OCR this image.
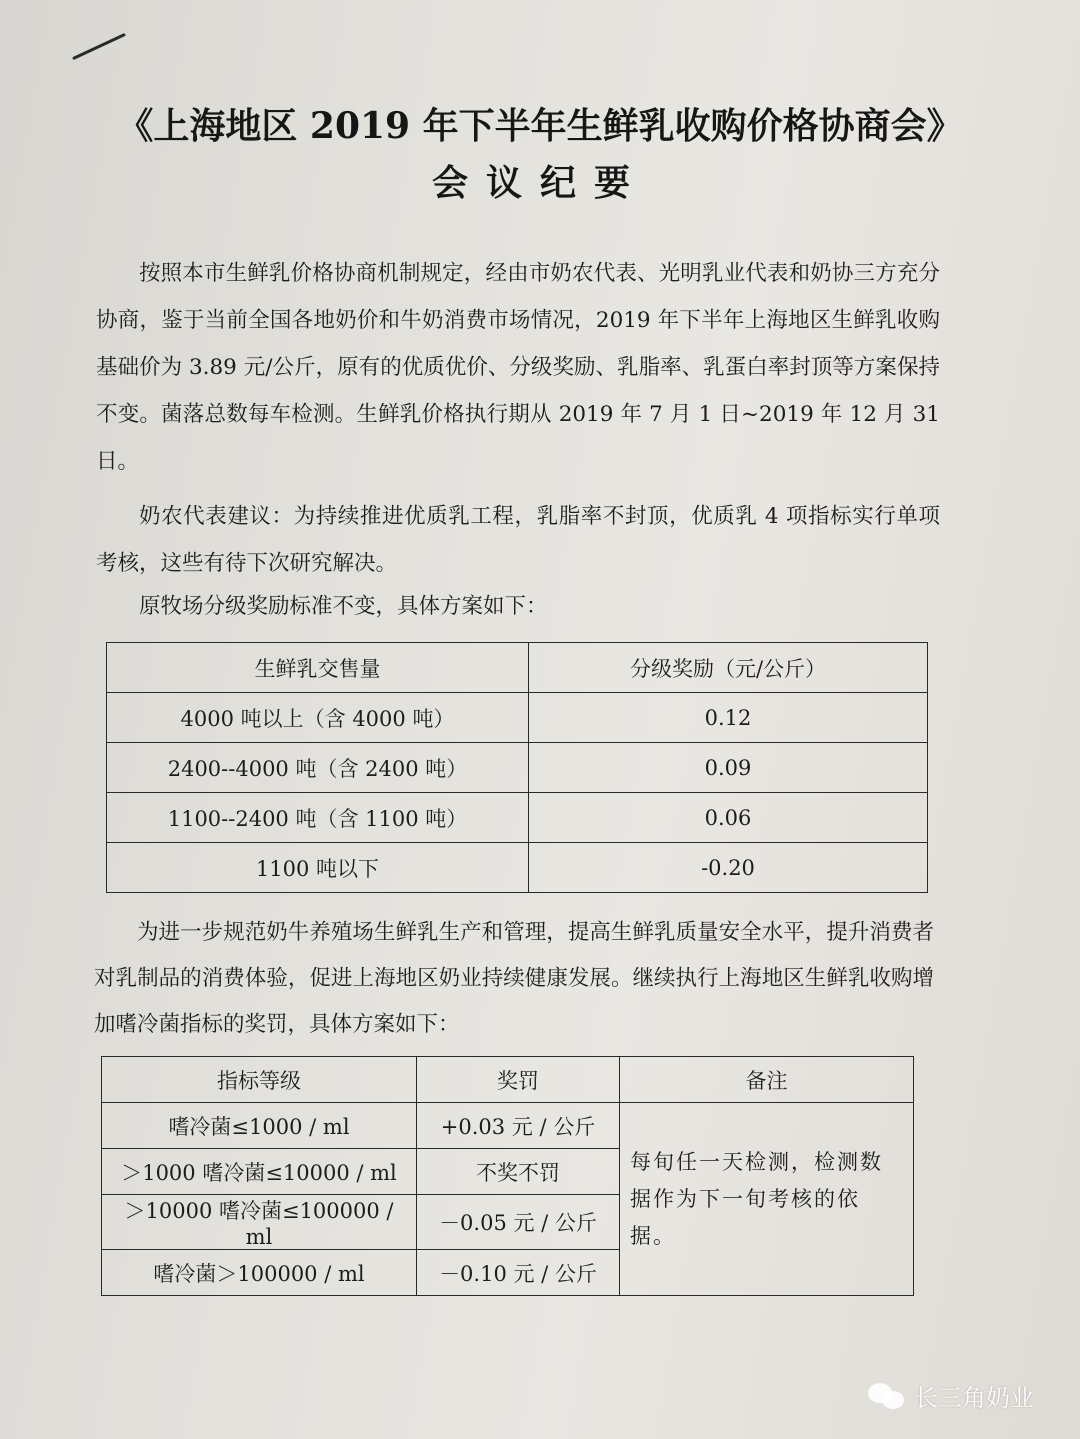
《上海地区 2019 年下半年生鲜乳收购价格协商会》
会议纪要

按照本市生鲜乳价格协商机制规定，经由市奶农代表、光明乳业代表和奶协三方充分协商，鉴于当前全国各地奶价和牛奶消费市场情况，2019 年下半年上海地区生鲜乳收购基础价为 3.89 元/公斤，原有的优质优价、分级奖励、乳脂率、乳蛋白率封顶等方案保持不变。菌落总数每车检测。生鲜乳价格执行期从 2019 年 7 月 1 日~2019 年 12 月 31 日。

奶农代表建议：为持续推进优质乳工程，乳脂率不封顶，优质乳 4 项指标实行单项考核，这些有待下次研究解决。

原牧场分级奖励标准不变，具体方案如下：

生鲜乳交售量	分级奖励（元/公斤）
4000 吨以上（含 4000 吨）	0.12
2400--4000 吨（含 2400 吨）	0.09
1100--2400 吨（含 1100 吨）	0.06
1100 吨以下	-0.20

为进一步规范奶牛养殖场生鲜乳生产和管理，提高生鲜乳质量安全水平，提升消费者对乳制品的消费体验，促进上海地区奶业持续健康发展。继续执行上海地区生鲜乳收购增加嗜冷菌指标的奖罚，具体方案如下：

指标等级	奖罚	备注
嗜冷菌≤1000 / ml	+0.03 元 / 公斤	每旬任一天检测，检测数据作为下一旬考核的依据。
＞1000 嗜冷菌≤10000 / ml	不奖不罚	
＞10000 嗜冷菌≤100000 / ml	－0.05 元 / 公斤	
嗜冷菌＞100000 / ml	－0.10 元 / 公斤	
长三角奶业
